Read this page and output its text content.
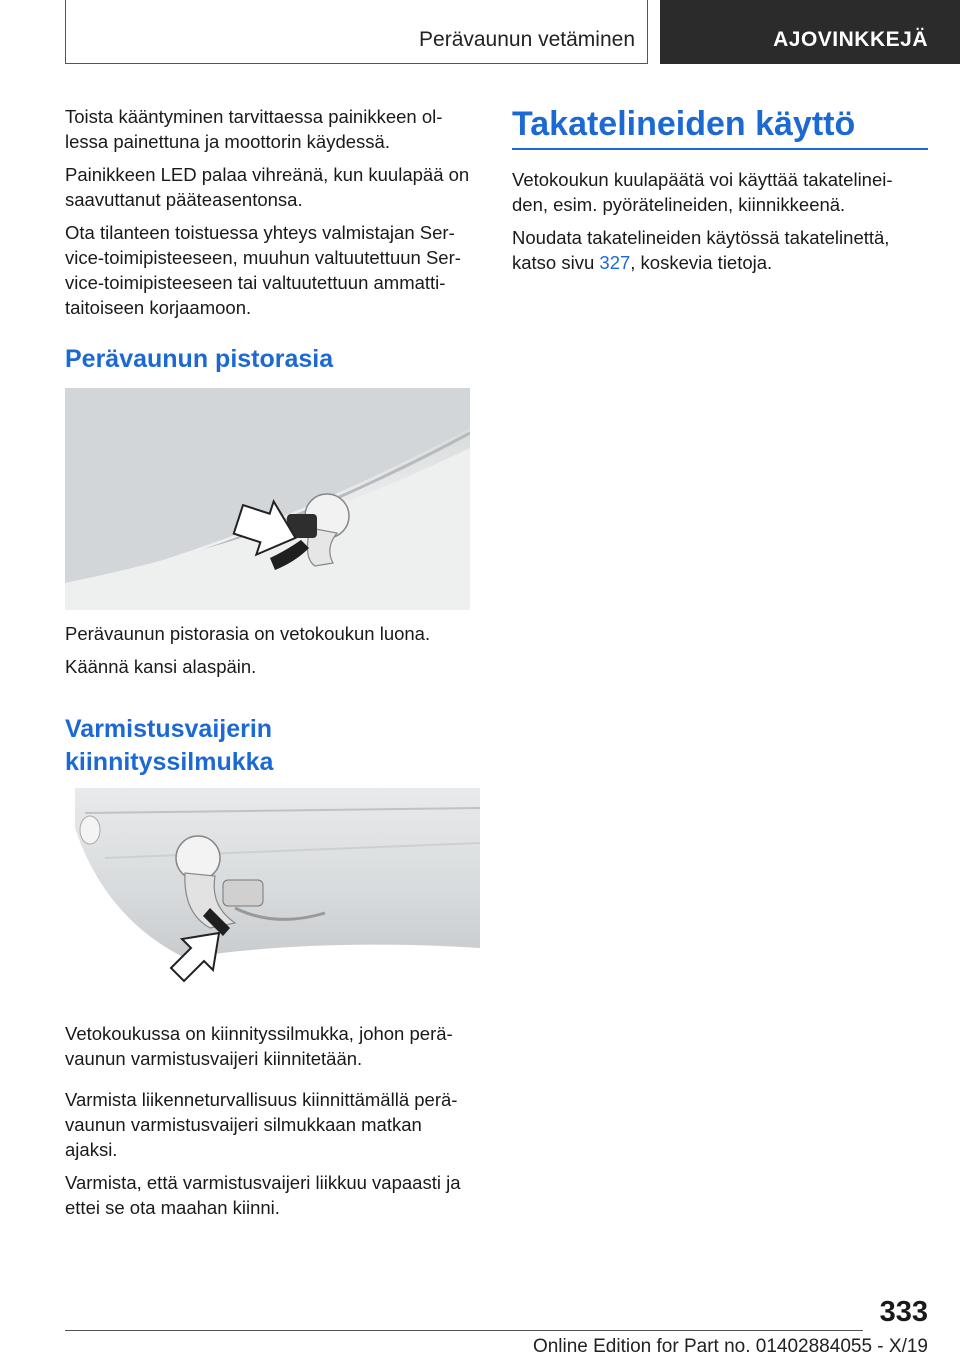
Perävaunun vetäminen	AJOVINKKEJÄ

Toista kääntyminen tarvittaessa painikkeen ollessa painettuna ja moottorin käydessä.

Painikkeen LED palaa vihreänä, kun kuulapää on saavuttanut pääteasentonsa.

Ota tilanteen toistuessa yhteys valmistajan Service-toimipisteeseen, muuhun valtuutettuun Service-toimipisteeseen tai valtuutettuun ammattitaitoiseen korjaamoon.

Perävaunun pistorasia

Perävaunun pistorasia on vetokoukun luona.

Käännä kansi alaspäin.

Varmistusvaijerin
kiinnityssilmukka

Vetokoukussa on kiinnityssilmukka, johon perävaunun varmistusvaijeri kiinnitetään.

Varmista liikenneturvallisuus kiinnittämällä perävaunun varmistusvaijeri silmukkaan matkan ajaksi.

Varmista, että varmistusvaijeri liikkuu vapaasti ja ettei se ota maahan kiinni.

Takatelineiden käyttö

Vetokoukun kuulapäätä voi käyttää takatelineiden, esim. pyörätelineiden, kiinnikkeenä.

Noudata takatelineiden käytössä takatelinettä, katso sivu 327, koskevia tietoja.

333
Online Edition for Part no. 01402884055 - X/19
